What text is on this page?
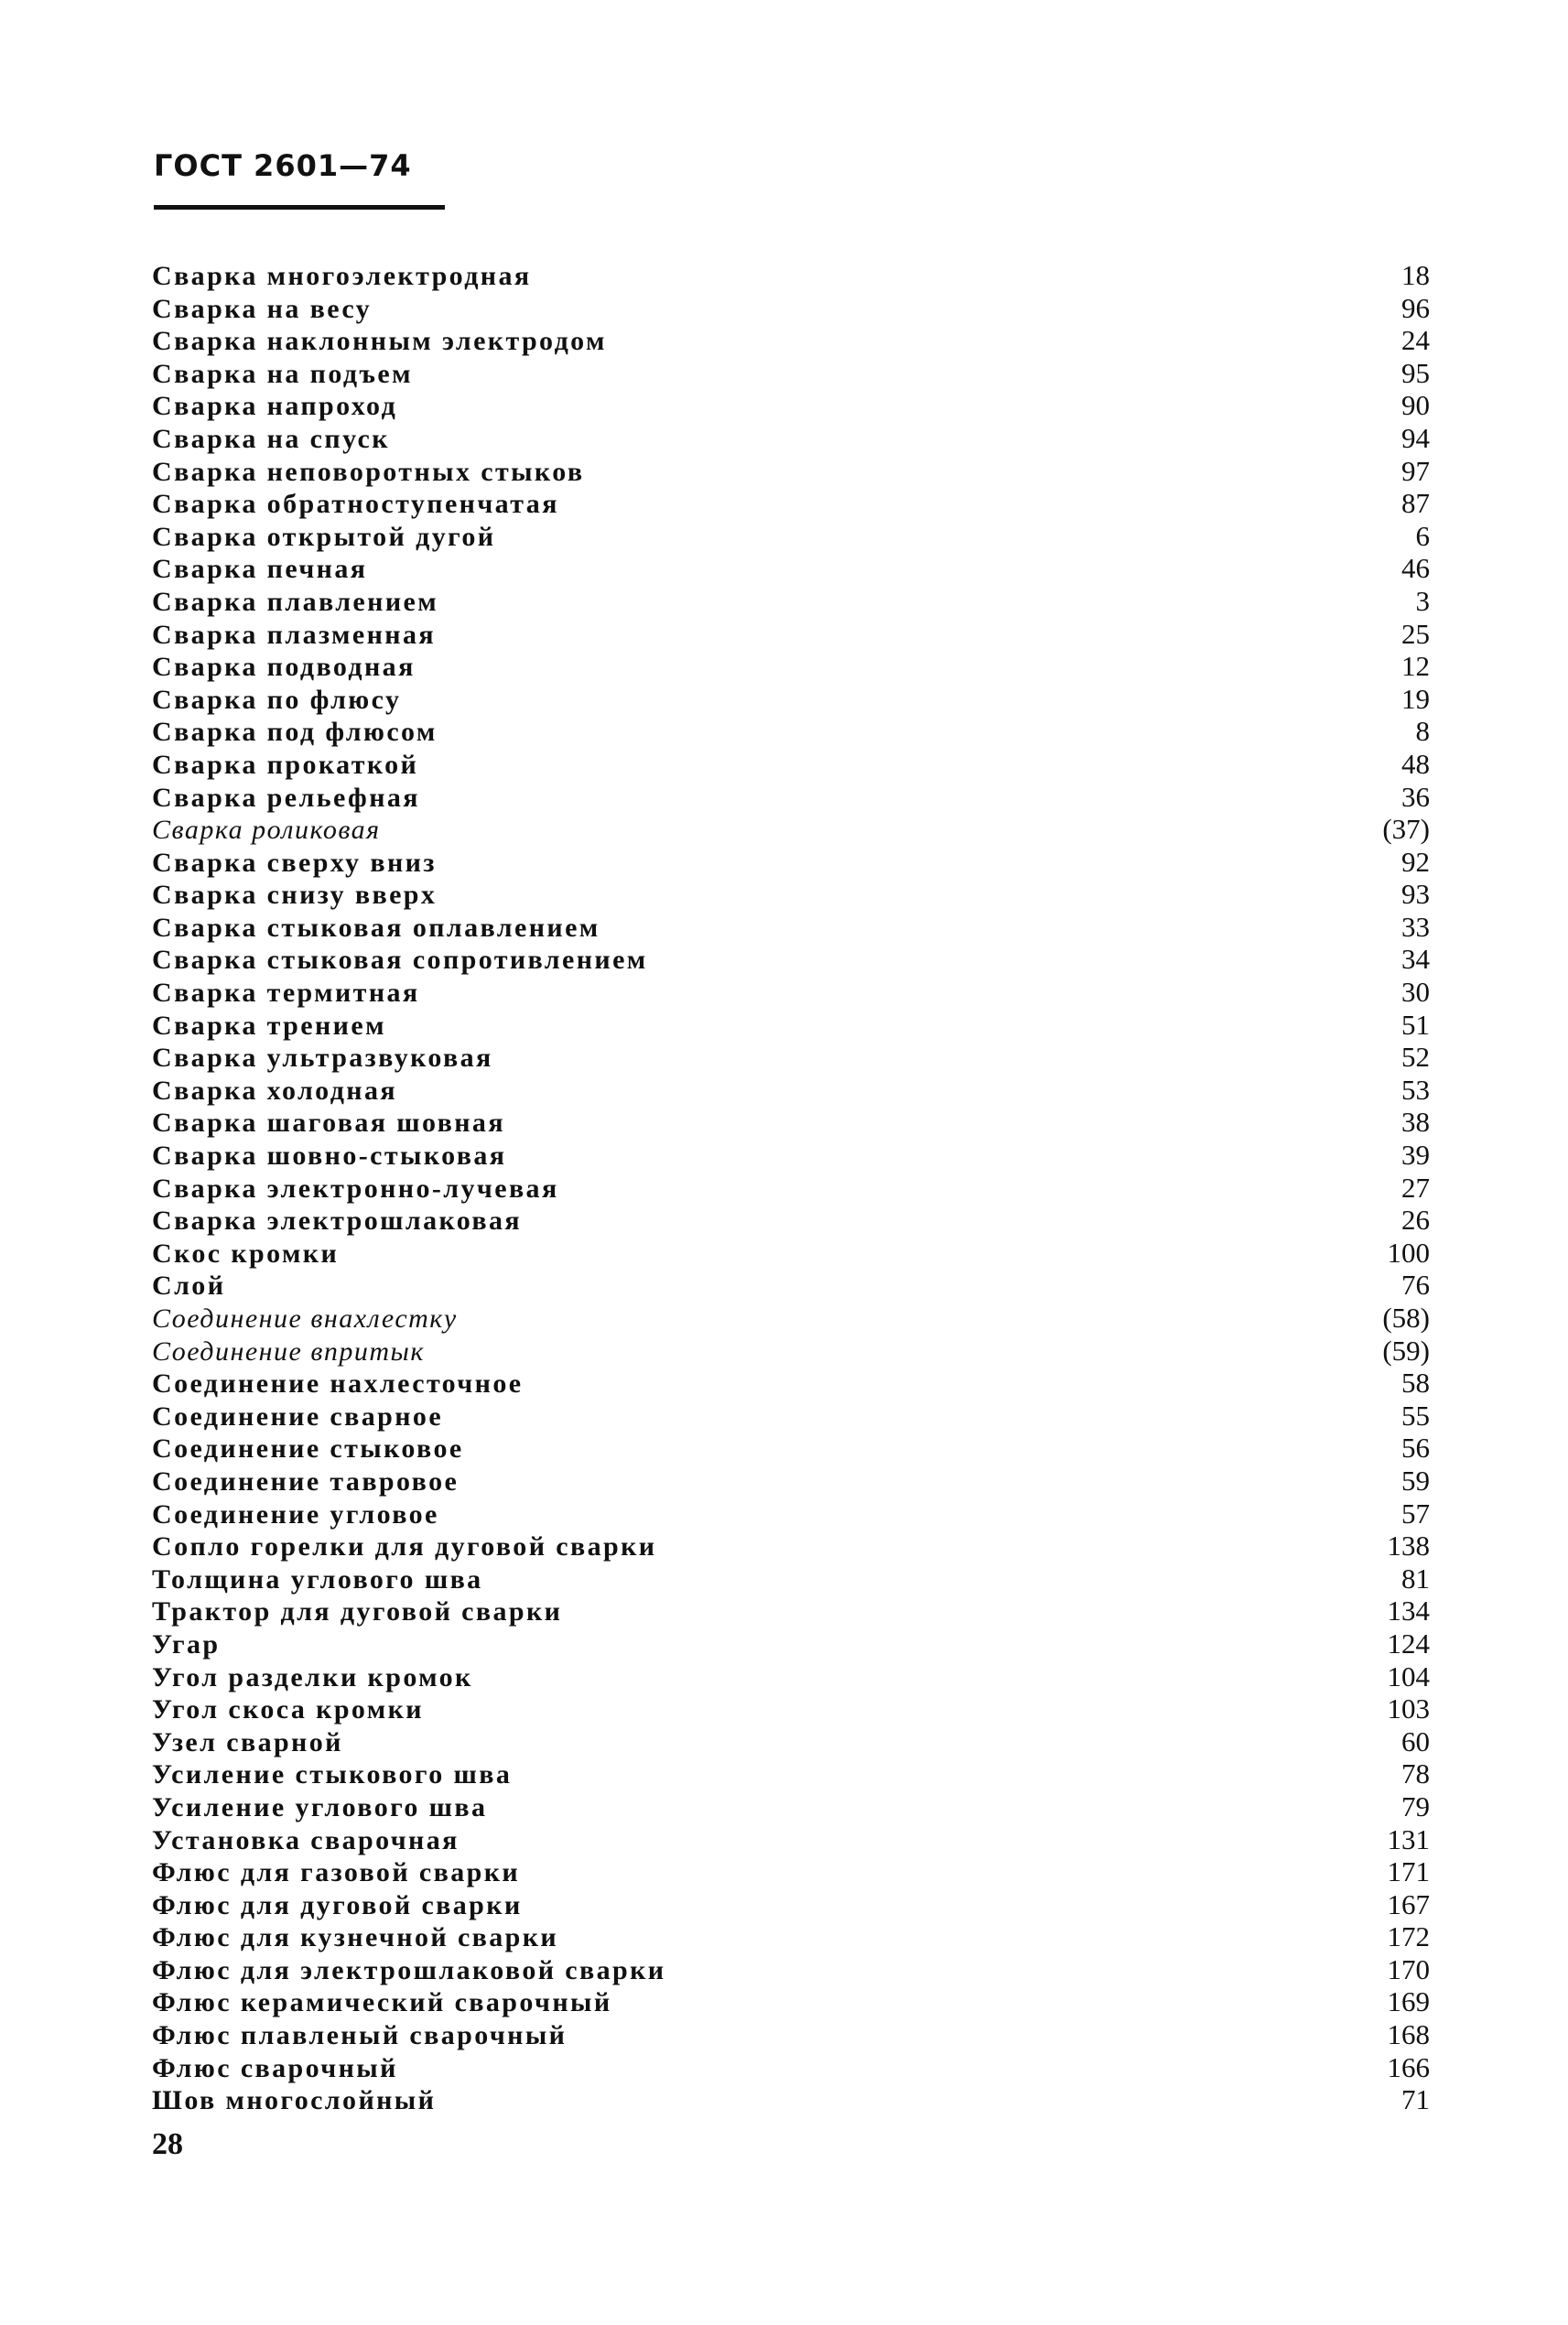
ГОСТ 2601—74
Сварка многоэлектродная	18
Сварка на весу	96
Сварка наклонным электродом	24
Сварка на подъем	95
Сварка напроход	90
Сварка на спуск	94
Сварка неповоротных стыков	97
Сварка обратноступенчатая	87
Сварка открытой дугой	6
Сварка печная	46
Сварка плавлением	3
Сварка плазменная	25
Сварка подводная	12
Сварка по флюсу	19
Сварка под флюсом	8
Сварка прокаткой	48
Сварка рельефная	36
Сварка роликовая	(37)
Сварка сверху вниз	92
Сварка снизу вверх	93
Сварка стыковая оплавлением	33
Сварка стыковая сопротивлением	34
Сварка термитная	30
Сварка трением	51
Сварка ультразвуковая	52
Сварка холодная	53
Сварка шаговая шовная	38
Сварка шовно-стыковая	39
Сварка электронно-лучевая	27
Сварка электрошлаковая	26
Скос кромки	100
Слой	76
Соединение внахлестку	(58)
Соединение впритык	(59)
Соединение нахлесточное	58
Соединение сварное	55
Соединение стыковое	56
Соединение тавровое	59
Соединение угловое	57
Сопло горелки для дуговой сварки	138
Толщина углового шва	81
Трактор для дуговой сварки	134
Угар	124
Угол разделки кромок	104
Угол скоса кромки	103
Узел сварной	60
Усиление стыкового шва	78
Усиление углового шва	79
Установка сварочная	131
Флюс для газовой сварки	171
Флюс для дуговой сварки	167
Флюс для кузнечной сварки	172
Флюс для электрошлаковой сварки	170
Флюс керамический сварочный	169
Флюс плавленый сварочный	168
Флюс сварочный	166
Шов многослойный	71
28
